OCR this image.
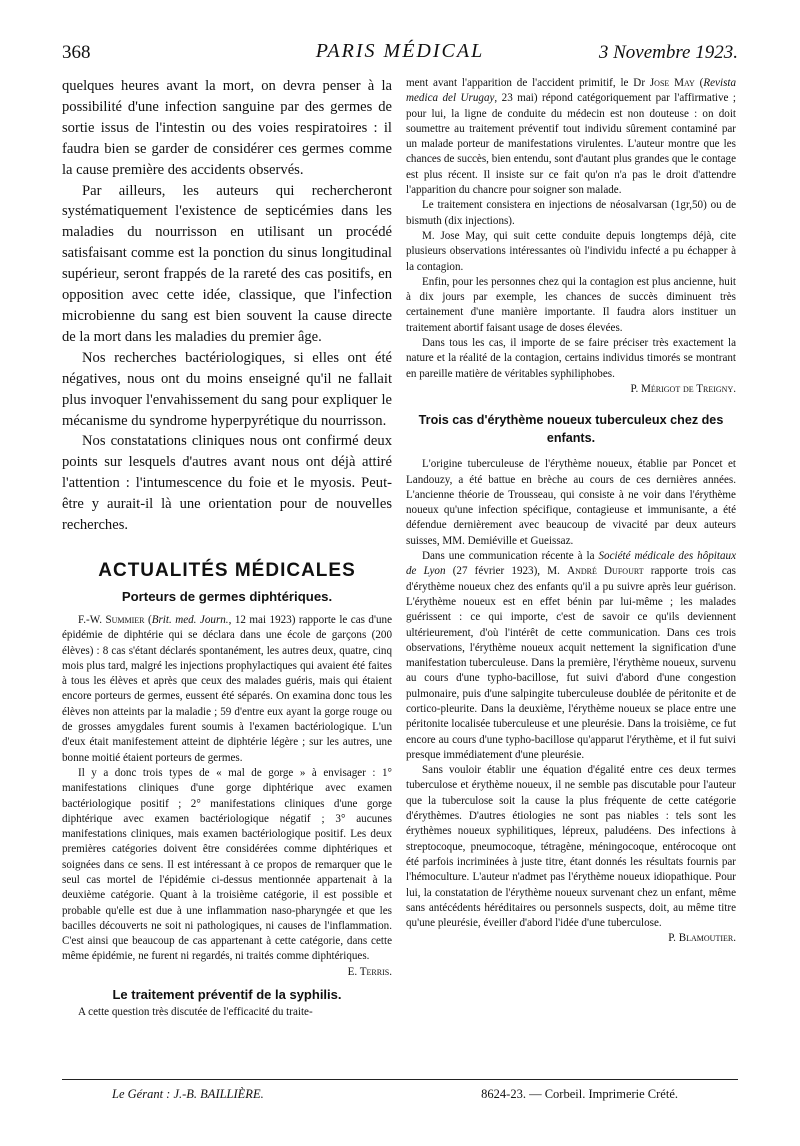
368	PARIS MÉDICAL	3 Novembre 1923.

quelques heures avant la mort, on devra penser à la possibilité d'une infection sanguine par des germes de sortie issus de l'intestin ou des voies respiratoires : il faudra bien se garder de considérer ces germes comme la cause première des accidents observés.

Par ailleurs, les auteurs qui rechercheront systématiquement l'existence de septicémies dans les maladies du nourrisson en utilisant un procédé satisfaisant comme est la ponction du sinus longitudinal supérieur, seront frappés de la rareté des cas positifs, en opposition avec cette idée, classique, que l'infection microbienne du sang est bien souvent la cause directe de la mort dans les maladies du premier âge.

Nos recherches bactériologiques, si elles ont été négatives, nous ont du moins enseigné qu'il ne fallait plus invoquer l'envahissement du sang pour expliquer le mécanisme du syndrome hyperpyrétique du nourrisson.

Nos constatations cliniques nous ont confirmé deux points sur lesquels d'autres avant nous ont déjà attiré l'attention : l'intumescence du foie et le myosis. Peut-être y aurait-il là une orientation pour de nouvelles recherches.

ACTUALITÉS MÉDICALES
Porteurs de germes diphtériques.

F.-W. Summier (Brit. med. Journ., 12 mai 1923) rapporte le cas d'une épidémie de diphtérie qui se déclara dans une école de garçons (200 élèves) : 8 cas s'étant déclarés spontanément, les autres deux, quatre, cinq mois plus tard, malgré les injections prophylactiques qui avaient été faites à tous les élèves et après que ceux des malades guéris, mais qui étaient encore porteurs de germes, eussent été séparés. On examina donc tous les élèves non atteints par la maladie ; 59 d'entre eux ayant la gorge rouge ou de grosses amygdales furent soumis à l'examen bactériologique. L'un d'eux était manifestement atteint de diphtérie légère ; sur les autres, une bonne moitié étaient porteurs de germes.

Il y a donc trois types de « mal de gorge » à envisager : 1° manifestations cliniques d'une gorge diphtérique avec examen bactériologique positif ; 2° manifestations cliniques d'une gorge diphtérique avec examen bactériologique négatif ; 3° aucunes manifestations cliniques, mais examen bactériologique positif. Les deux premières catégories doivent être considérées comme diphtériques et soignées dans ce sens. Il est intéressant à ce propos de remarquer que le seul cas mortel de l'épidémie ci-dessus mentionnée appartenait à la deuxième catégorie. Quant à la troisième catégorie, il est possible et probable qu'elle est due à une inflammation naso-pharyngée et que les bacilles découverts ne soit ni pathologiques, ni causes de l'inflammation. C'est ainsi que beaucoup de cas appartenant à cette catégorie, dans cette même épidémie, ne furent ni regardés, ni traités comme diphtériques.

E. Terris.

Le traitement préventif de la syphilis.

A cette question très discutée de l'efficacité du traite-

ment avant l'apparition de l'accident primitif, le Dr Jose May (Revista medica del Urugay, 23 mai) répond catégoriquement par l'affirmative ; pour lui, la ligne de conduite du médecin est non douteuse : on doit soumettre au traitement préventif tout individu sûrement contaminé par un malade porteur de manifestations virulentes. L'auteur montre que les chances de succès, bien entendu, sont d'autant plus grandes que le contage est plus récent. Il insiste sur ce fait qu'on n'a pas le droit d'attendre l'apparition du chancre pour soigner son malade.

Le traitement consistera en injections de néosalvarsan (1gr,50) ou de bismuth (dix injections).

M. Jose May, qui suit cette conduite depuis longtemps déjà, cite plusieurs observations intéressantes où l'individu infecté a pu échapper à la contagion.

Enfin, pour les personnes chez qui la contagion est plus ancienne, huit à dix jours par exemple, les chances de succès diminuent très certainement d'une manière importante. Il faudra alors instituer un traitement abortif faisant usage de doses élevées.

Dans tous les cas, il importe de se faire préciser très exactement la nature et la réalité de la contagion, certains individus timorés se montrant en pareille matière de véritables syphiliphobes.

P. Mérigot de Treigny.

Trois cas d'érythème noueux tuberculeux chez des enfants.

L'origine tuberculeuse de l'érythème noueux, établie par Poncet et Landouzy, a été battue en brèche au cours de ces dernières années. L'ancienne théorie de Trousseau, qui consiste à ne voir dans l'érythème noueux qu'une infection spécifique, contagieuse et immunisante, a été défendue dernièrement avec beaucoup de vivacité par deux auteurs suisses, MM. Demiéville et Gueissaz.

Dans une communication récente à la Société médicale des hôpitaux de Lyon (27 février 1923), M. André Dufourt rapporte trois cas d'érythème noueux chez des enfants qu'il a pu suivre après leur guérison. L'érythème noueux est en effet bénin par lui-même ; les malades guérissent : ce qui importe, c'est de savoir ce qu'ils deviennent ultérieurement, d'où l'intérêt de cette communication. Dans ces trois observations, l'érythème noueux acquit nettement la signification d'une manifestation tuberculeuse. Dans la première, l'érythème noueux, survenu au cours d'une typho-bacillose, fut suivi d'abord d'une congestion pulmonaire, puis d'une salpingite tuberculeuse doublée de péritonite et de cortico-pleurite. Dans la deuxième, l'érythème noueux se place entre une péritonite localisée tuberculeuse et une pleurésie. Dans la troisième, ce fut encore au cours d'une typho-bacillose qu'apparut l'érythème, et il fut suivi presque immédiatement d'une pleurésie.

Sans vouloir établir une équation d'égalité entre ces deux termes tuberculose et érythème noueux, il ne semble pas discutable pour l'auteur que la tuberculose soit la cause la plus fréquente de cette catégorie d'érythèmes. D'autres étiologies ne sont pas niables : tels sont les érythèmes noueux syphilitiques, lépreux, paludéens. Des infections à streptocoque, pneumocoque, tétragène, méningocoque, entérocoque ont été parfois incriminées à juste titre, étant donnés les résultats fournis par l'hémoculture. L'auteur n'admet pas l'érythème noueux idiopathique. Pour lui, la constatation de l'érythème noueux survenant chez un enfant, même sans antécédents héréditaires ou personnels suspects, doit, au même titre qu'une pleurésie, éveiller d'abord l'idée d'une tuberculose.

P. Blamoutier.

Le Gérant : J.-B. BAILLIÈRE.	8624-23. — Corbeil. Imprimerie Crété.
